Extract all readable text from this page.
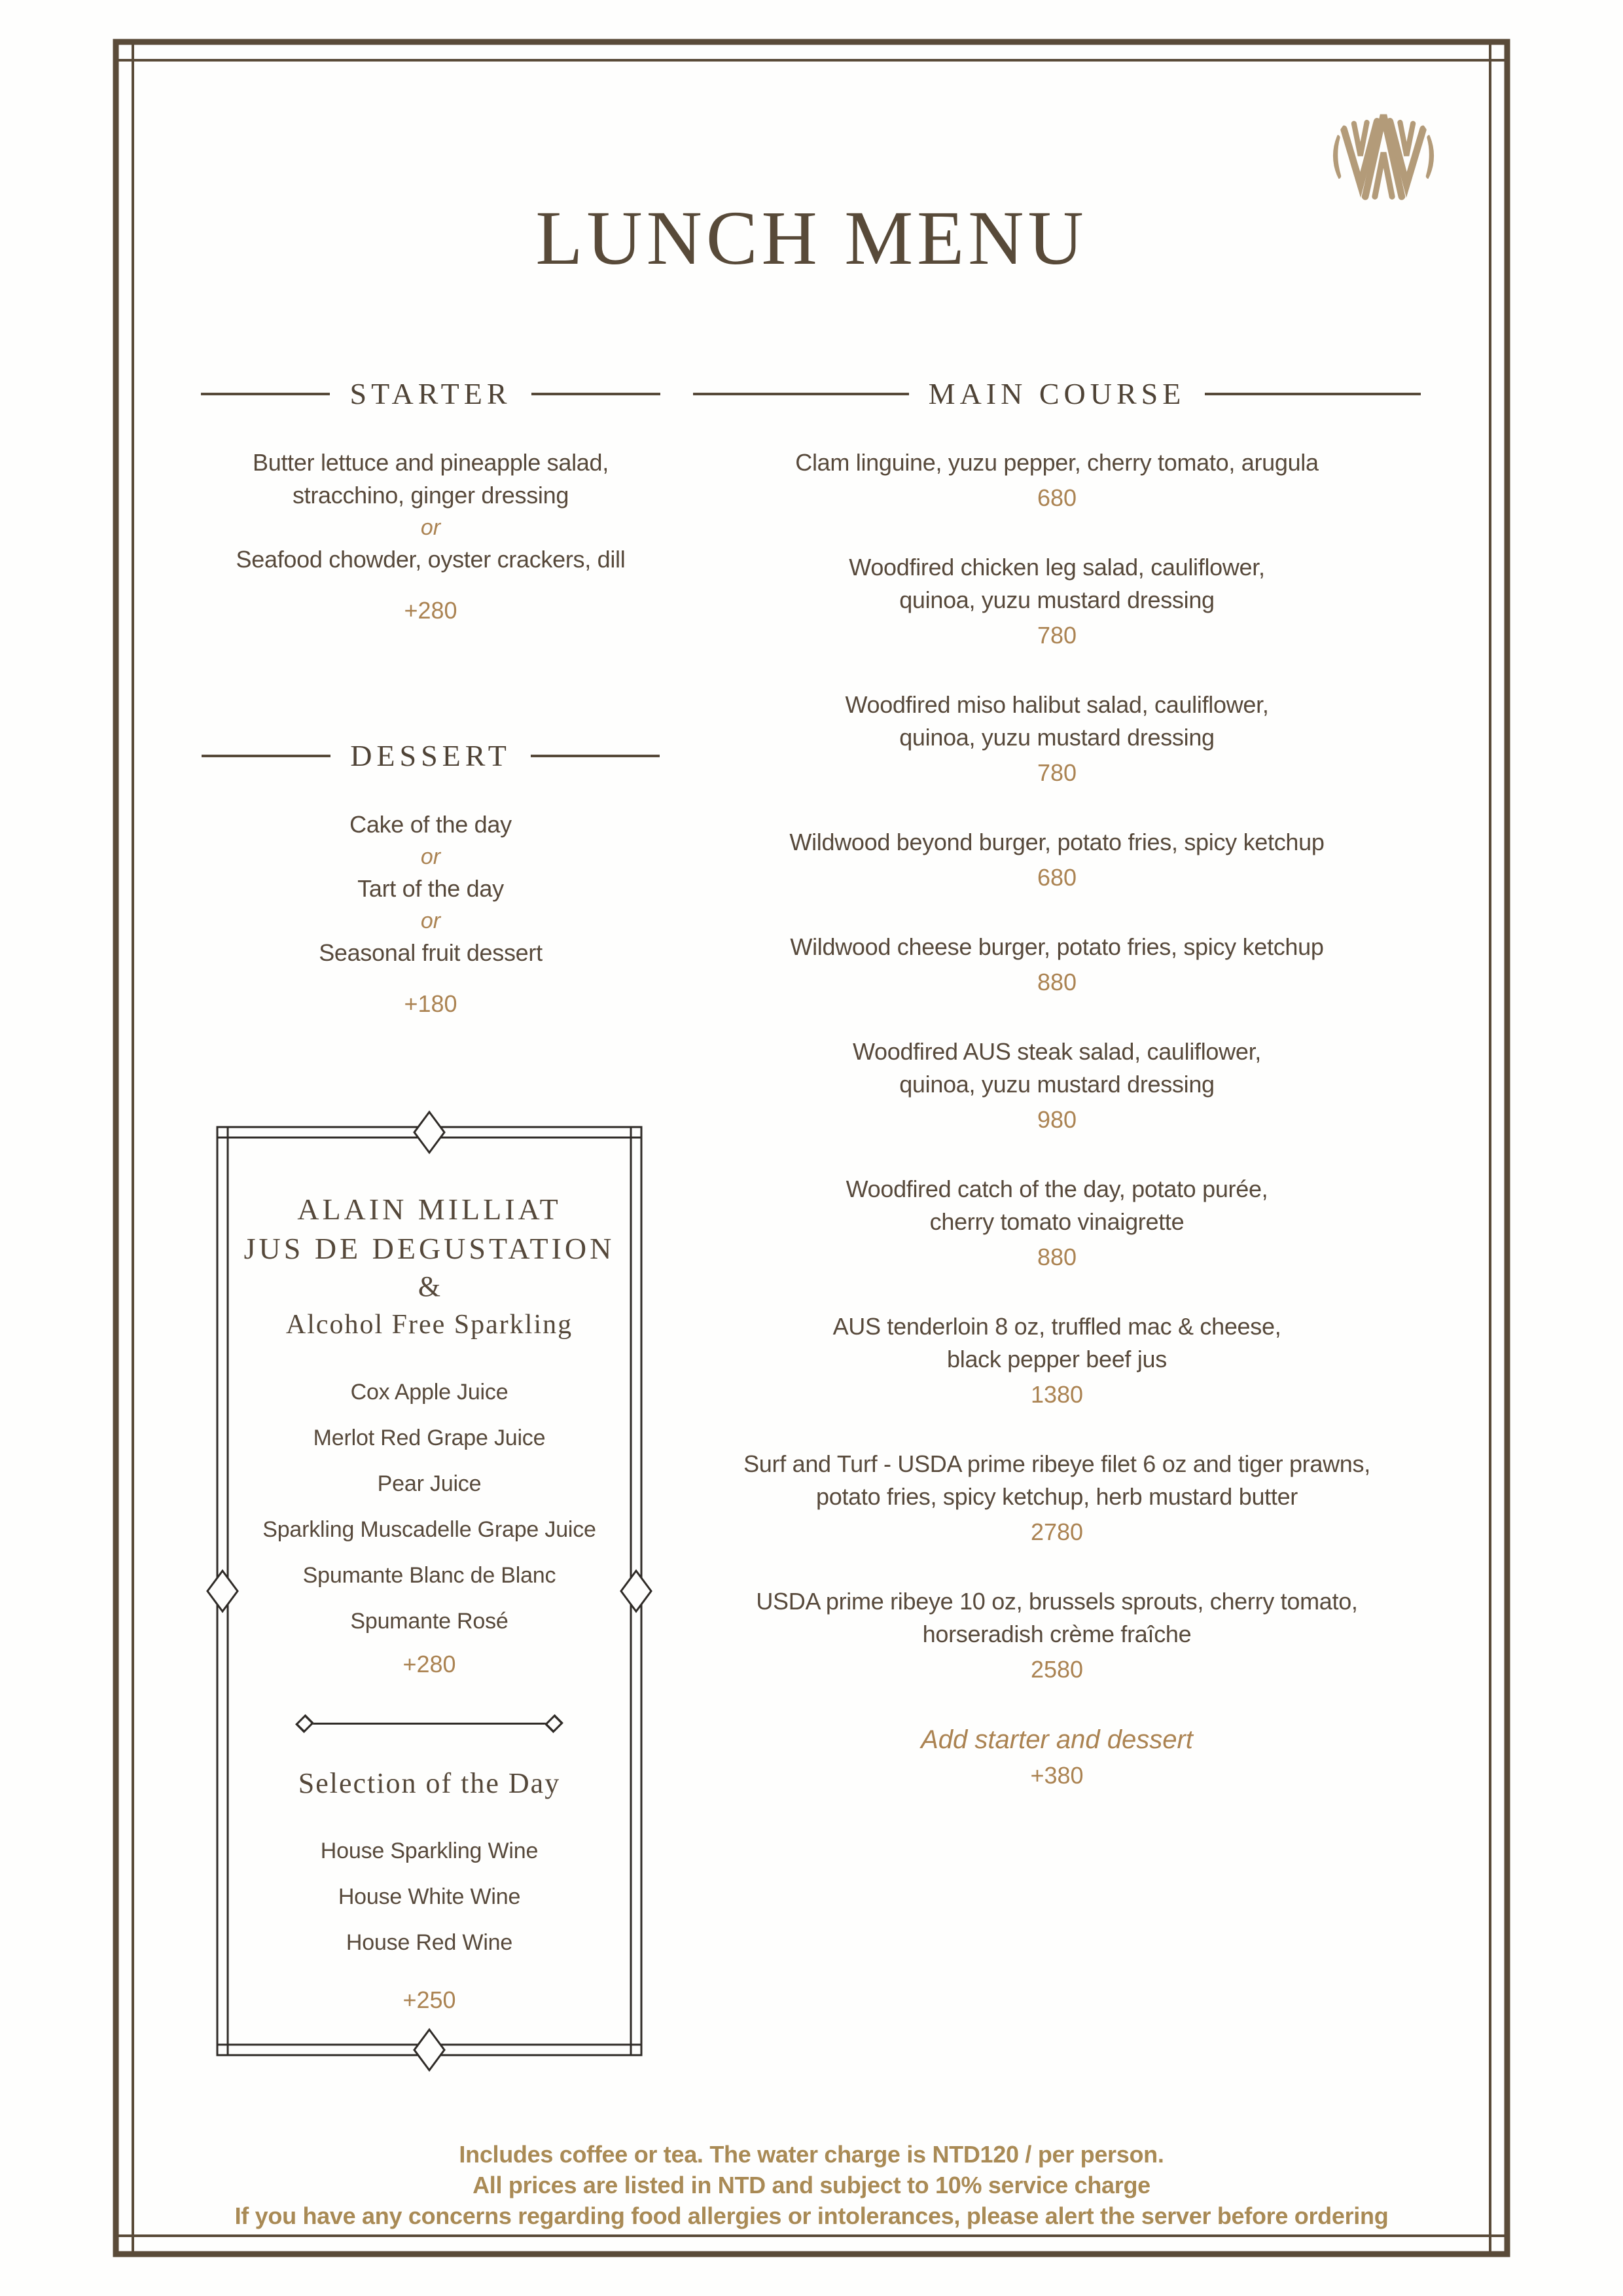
LUNCH MENU
STARTER

Butter lettuce and pineapple salad,

stracchino, ginger dressing

or

Seafood chowder, oyster crackers, dill

+280

DESSERT

Cake of the day

or

Tart of the day

or

Seasonal fruit dessert

+180

MAIN COURSE

Clam linguine, yuzu pepper, cherry tomato, arugula

680

Woodfired chicken leg salad, cauliflower,

quinoa, yuzu mustard dressing

780

Woodfired miso halibut salad, cauliflower,

quinoa, yuzu mustard dressing

780

Wildwood beyond burger, potato fries, spicy ketchup

680

Wildwood cheese burger, potato fries, spicy ketchup

880

Woodfired AUS steak salad, cauliflower,

quinoa, yuzu mustard dressing

980

Woodfired catch of the day, potato purée,

cherry tomato vinaigrette

880

AUS tenderloin 8 oz, truffled mac & cheese,

black pepper beef jus

1380

Surf and Turf - USDA prime ribeye filet 6 oz and tiger prawns,

potato fries, spicy ketchup, herb mustard butter

2780

USDA prime ribeye 10 oz, brussels sprouts, cherry tomato,

horseradish crème fraîche

2580

Add starter and dessert

+380

ALAIN MILLIAT

JUS DE DEGUSTATION

&

Alcohol Free Sparkling

Cox Apple Juice

Merlot Red Grape Juice

Pear Juice

Sparkling Muscadelle Grape Juice

Spumante Blanc de Blanc

Spumante Rosé

+280

Selection of the Day

House Sparkling Wine

House White Wine

House Red Wine

+250

Includes coffee or tea. The water charge is NTD120 / per person.

All prices are listed in NTD and subject to 10% service charge

If you have any concerns regarding food allergies or intolerances, please alert the server before ordering
